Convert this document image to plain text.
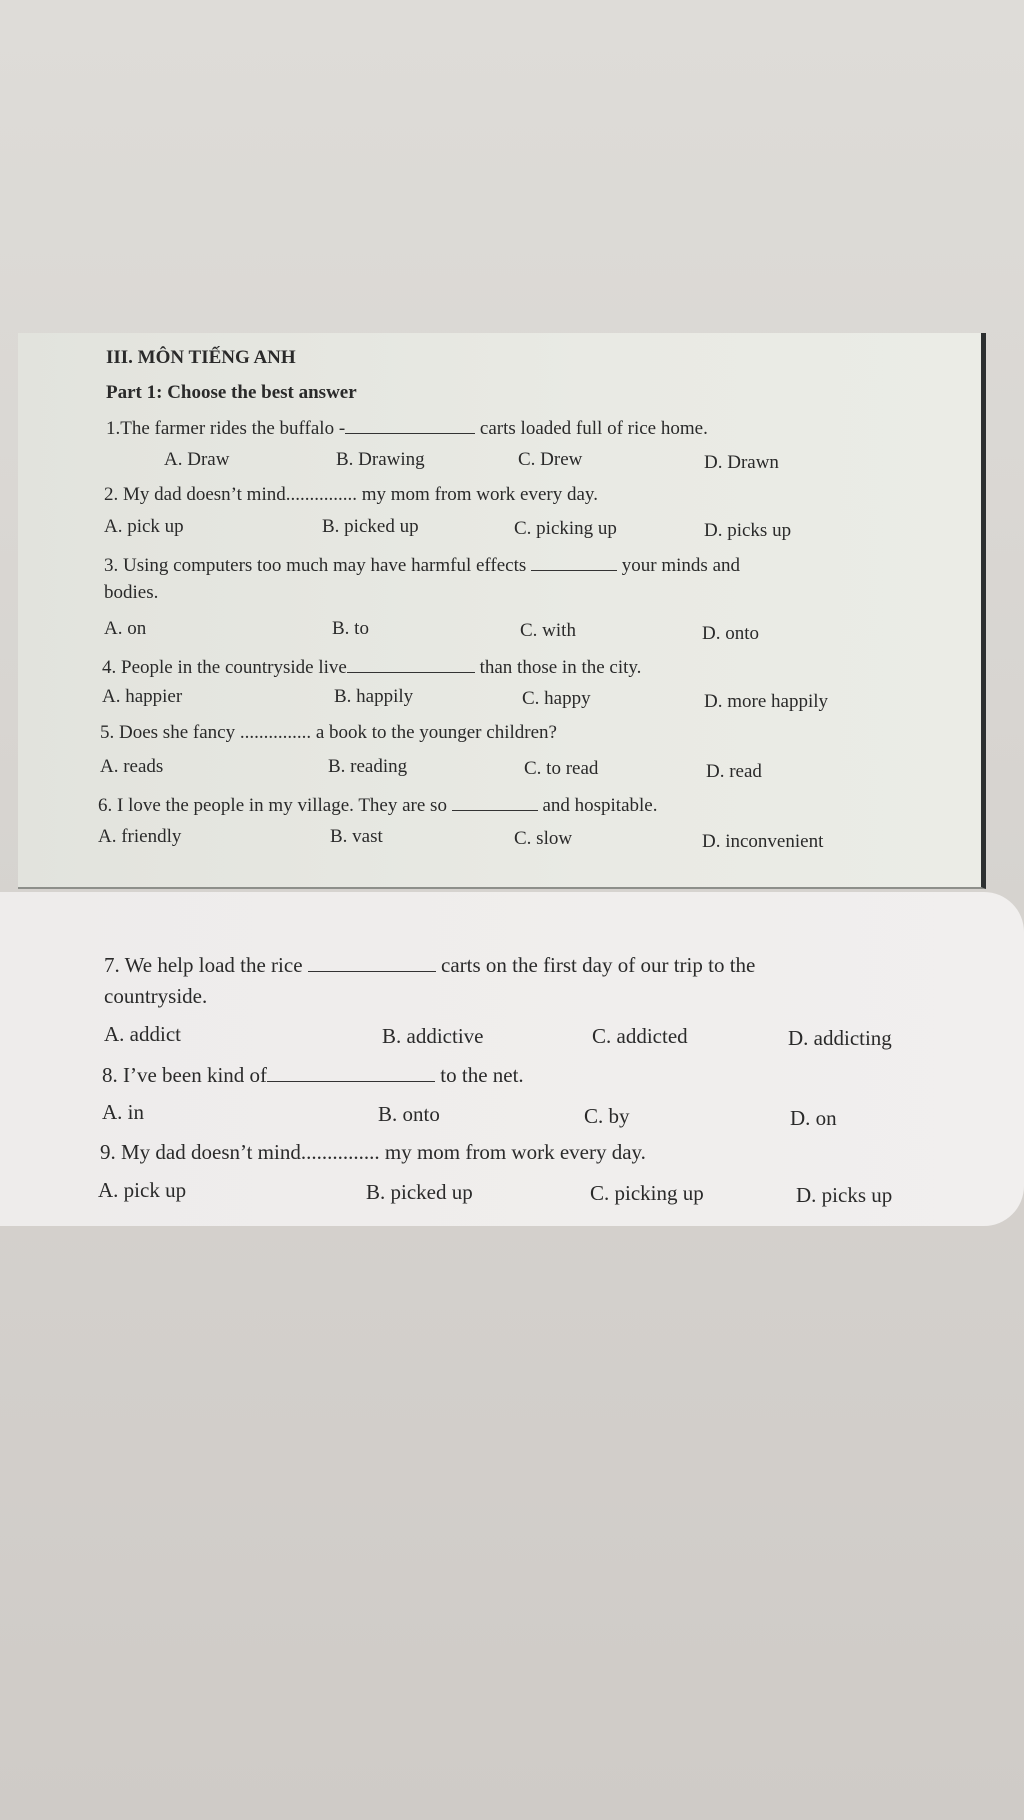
III. MÔN TIẾNG ANH
Part 1: Choose the best answer
1.The farmer rides the buffalo -	carts loaded full of rice home.
A. Draw	B. Drawing	C. Drew	D. Drawn
2. My dad doesn’t mind............... my mom from work every day.
A. pick up	B. picked up	C. picking up	D. picks up
3. Using computers too much may have harmful effects	your minds and
bodies.
A. on	B. to	C. with	D. onto
4. People in the countryside live	than those in the city.
A. happier	B. happily	C. happy	D. more happily
5. Does she fancy ............... a book to the younger children?
A. reads	B. reading	C. to read	D. read
6. I love the people in my village. They are so	and hospitable.
A. friendly	B. vast	C. slow	D. inconvenient
7. We help load the rice	carts on the first day of our trip to the
countryside.
A. addict	B. addictive	C. addicted	D. addicting
8. I’ve been kind of	to the net.
A. in	B. onto	C. by	D. on
9. My dad doesn’t mind............... my mom from work every day.
A. pick up	B. picked up	C. picking up	D. picks up
